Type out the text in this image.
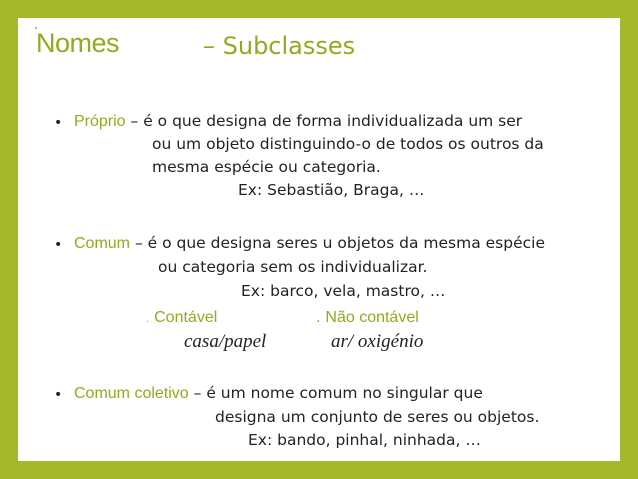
Nomes	– Subclasses
• Próprio – é o que designa de forma individualizada um ser
ou um objeto distinguindo-o de todos os outros da
mesma espécie ou categoria.
Ex: Sebastião, Braga, …
• Comum – é o que designa seres u objetos da mesma espécie
ou categoria sem os individualizar.
Ex: barco, vela, mastro, …
. Contável	. Não contável
casa/papel	ar/ oxigénio
• Comum coletivo – é um nome comum no singular que
designa um conjunto de seres ou objetos.
Ex: bando, pinhal, ninhada, …
